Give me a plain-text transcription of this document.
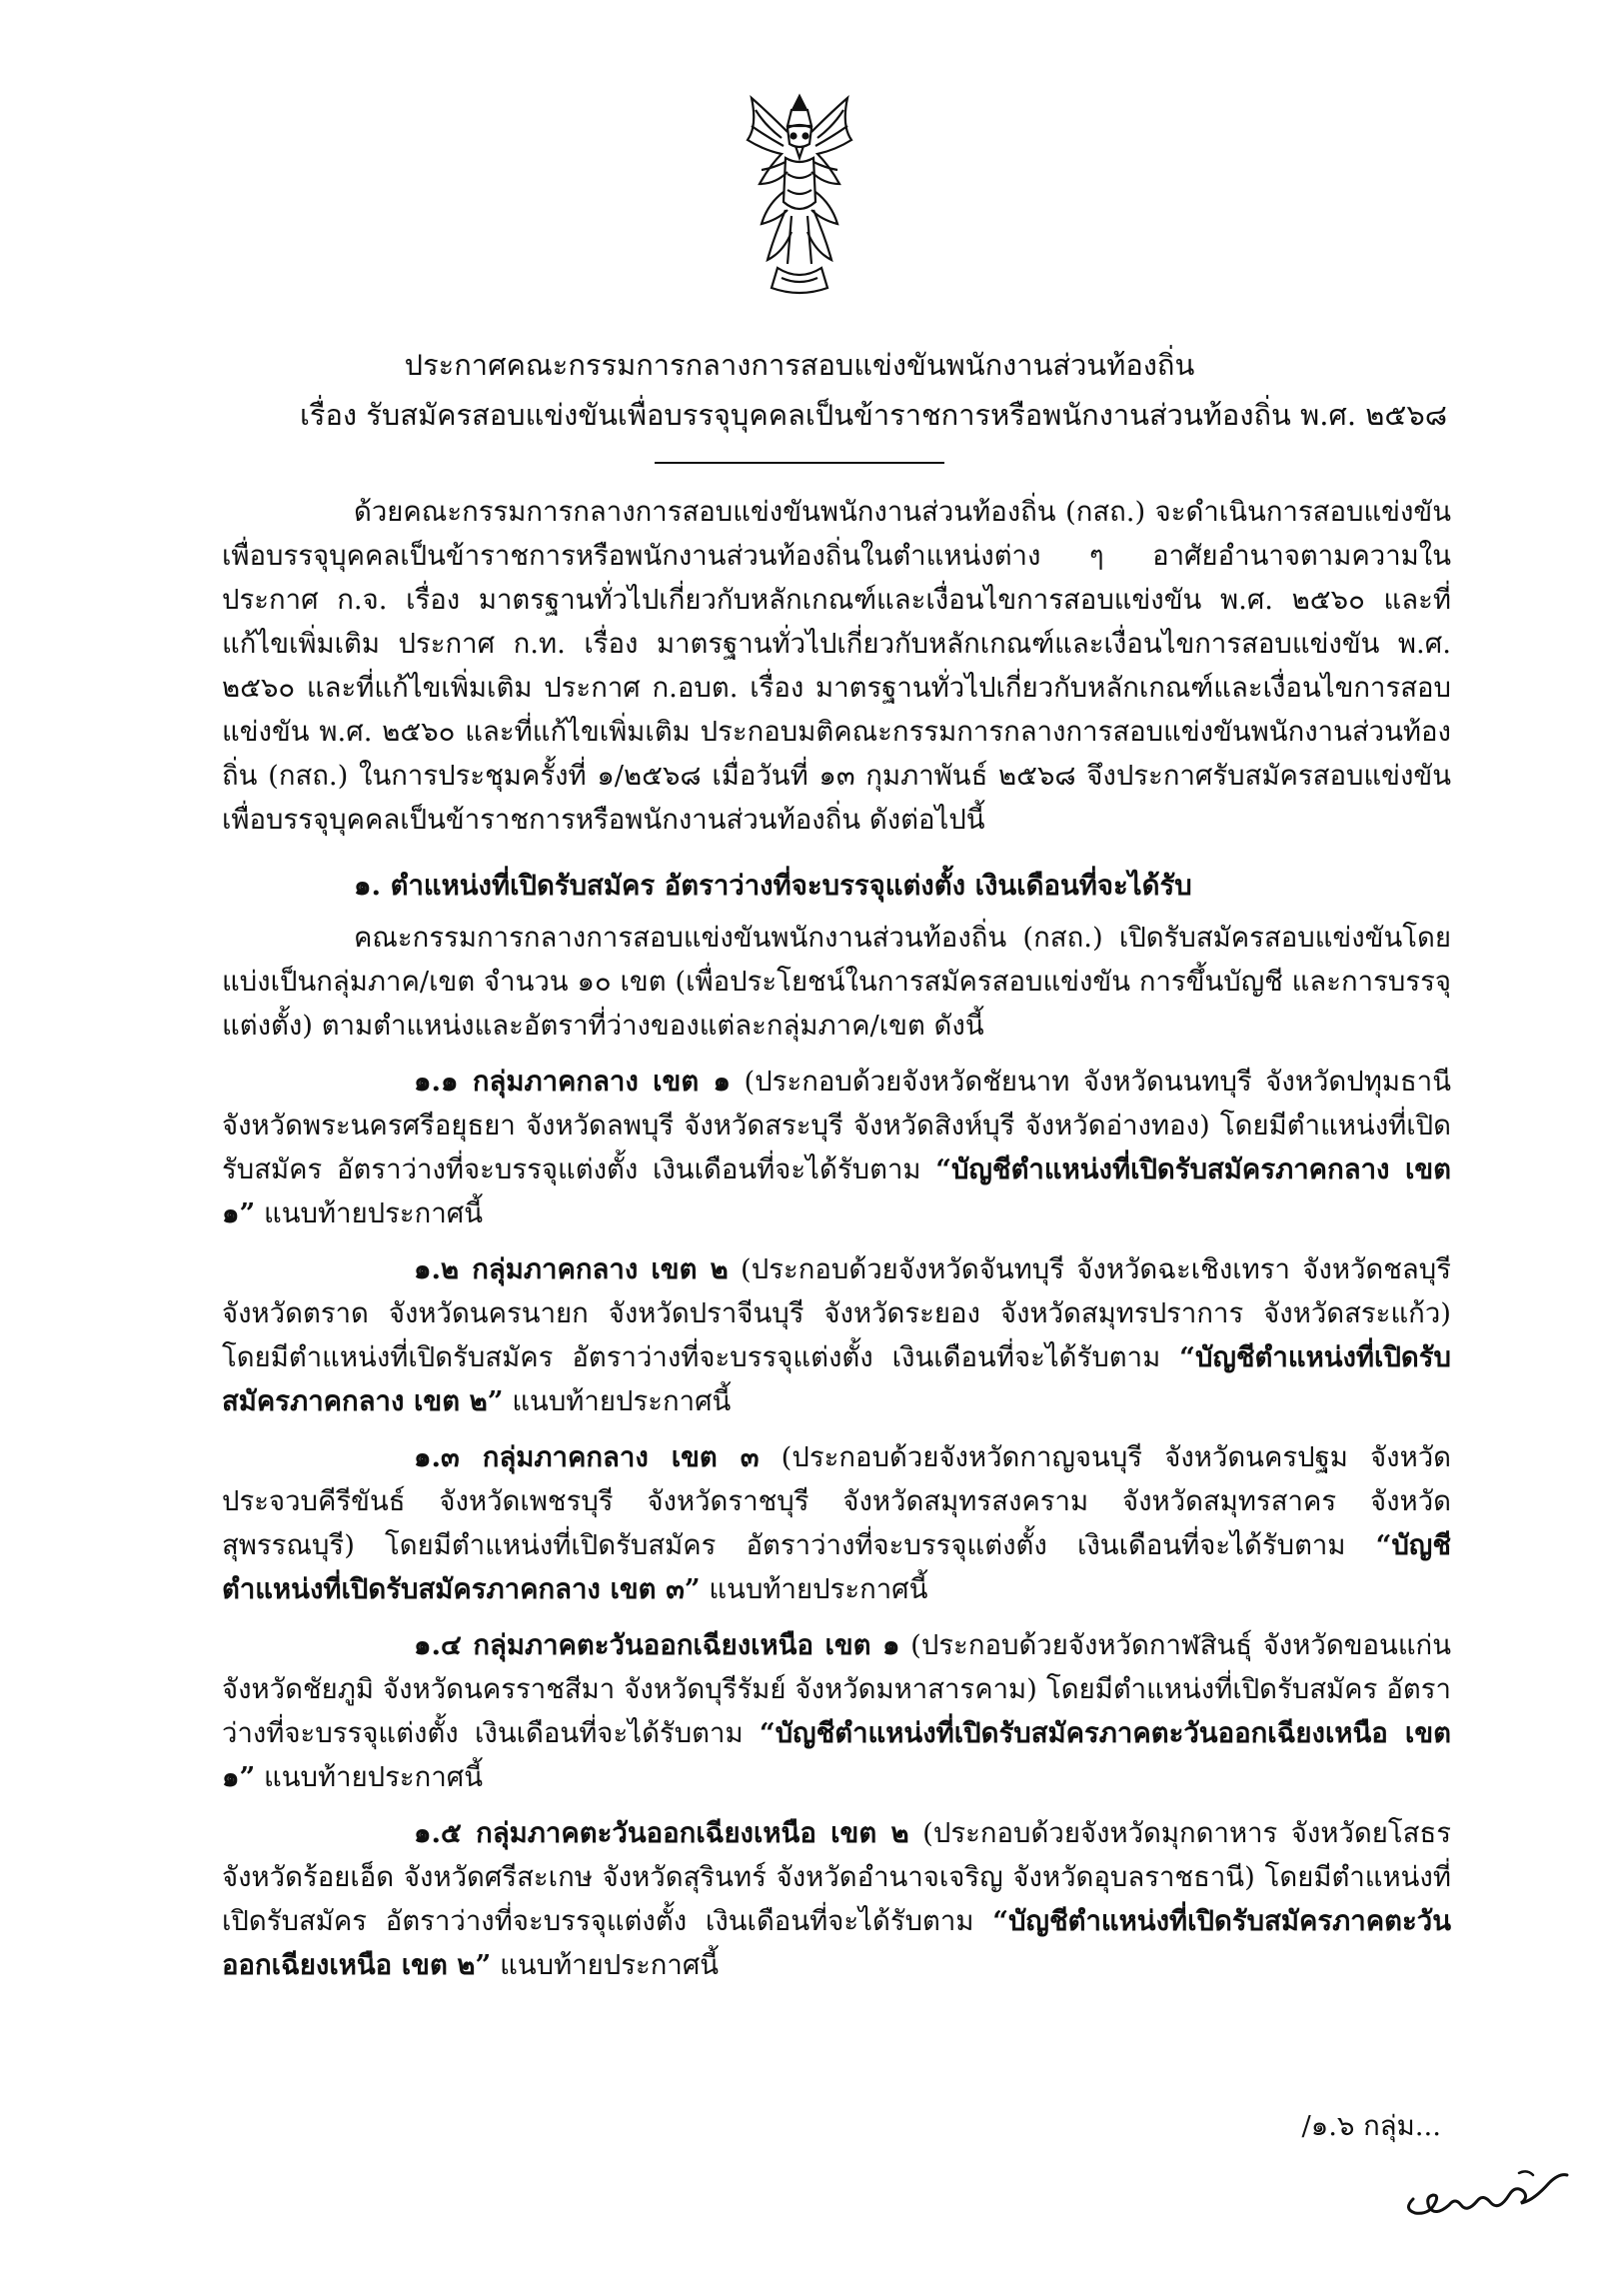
ประกาศคณะกรรมการกลางการสอบแข่งขันพนักงานส่วนท้องถิ่น
เรื่อง รับสมัครสอบแข่งขันเพื่อบรรจุบุคคลเป็นข้าราชการหรือพนักงานส่วนท้องถิ่น พ.ศ. ๒๕๖๘

ด้วยคณะกรรมการกลางการสอบแข่งขันพนักงานส่วนท้องถิ่น (กสถ.) จะดำเนินการสอบแข่งขันเพื่อบรรจุบุคคลเป็นข้าราชการหรือพนักงานส่วนท้องถิ่นในตำแหน่งต่าง ๆ อาศัยอำนาจตามความในประกาศ ก.จ. เรื่อง มาตรฐานทั่วไปเกี่ยวกับหลักเกณฑ์และเงื่อนไขการสอบแข่งขัน พ.ศ. ๒๕๖๐ และที่แก้ไขเพิ่มเติม ประกาศ ก.ท. เรื่อง มาตรฐานทั่วไปเกี่ยวกับหลักเกณฑ์และเงื่อนไขการสอบแข่งขัน พ.ศ. ๒๕๖๐ และที่แก้ไขเพิ่มเติม ประกาศ ก.อบต. เรื่อง มาตรฐานทั่วไปเกี่ยวกับหลักเกณฑ์และเงื่อนไขการสอบแข่งขัน พ.ศ. ๒๕๖๐ และที่แก้ไขเพิ่มเติม ประกอบมติคณะกรรมการกลางการสอบแข่งขันพนักงานส่วนท้องถิ่น (กสถ.) ในการประชุมครั้งที่ ๑/๒๕๖๘ เมื่อวันที่ ๑๓ กุมภาพันธ์ ๒๕๖๘ จึงประกาศรับสมัครสอบแข่งขันเพื่อบรรจุบุคคลเป็นข้าราชการหรือพนักงานส่วนท้องถิ่น ดังต่อไปนี้

๑. ตำแหน่งที่เปิดรับสมัคร อัตราว่างที่จะบรรจุแต่งตั้ง เงินเดือนที่จะได้รับ

คณะกรรมการกลางการสอบแข่งขันพนักงานส่วนท้องถิ่น (กสถ.) เปิดรับสมัครสอบแข่งขันโดยแบ่งเป็นกลุ่มภาค/เขต จำนวน ๑๐ เขต (เพื่อประโยชน์ในการสมัครสอบแข่งขัน การขึ้นบัญชี และการบรรจุแต่งตั้ง) ตามตำแหน่งและอัตราที่ว่างของแต่ละกลุ่มภาค/เขต ดังนี้

๑.๑ กลุ่มภาคกลาง เขต ๑ (ประกอบด้วยจังหวัดชัยนาท จังหวัดนนทบุรี จังหวัดปทุมธานี จังหวัดพระนครศรีอยุธยา จังหวัดลพบุรี จังหวัดสระบุรี จังหวัดสิงห์บุรี จังหวัดอ่างทอง) โดยมีตำแหน่งที่เปิดรับสมัคร อัตราว่างที่จะบรรจุแต่งตั้ง เงินเดือนที่จะได้รับตาม “บัญชีตำแหน่งที่เปิดรับสมัครภาคกลาง เขต ๑” แนบท้ายประกาศนี้

๑.๒ กลุ่มภาคกลาง เขต ๒ (ประกอบด้วยจังหวัดจันทบุรี จังหวัดฉะเชิงเทรา จังหวัดชลบุรี จังหวัดตราด จังหวัดนครนายก จังหวัดปราจีนบุรี จังหวัดระยอง จังหวัดสมุทรปราการ จังหวัดสระแก้ว) โดยมีตำแหน่งที่เปิดรับสมัคร อัตราว่างที่จะบรรจุแต่งตั้ง เงินเดือนที่จะได้รับตาม “บัญชีตำแหน่งที่เปิดรับสมัครภาคกลาง เขต ๒” แนบท้ายประกาศนี้

๑.๓ กลุ่มภาคกลาง เขต ๓ (ประกอบด้วยจังหวัดกาญจนบุรี จังหวัดนครปฐม จังหวัดประจวบคีรีขันธ์ จังหวัดเพชรบุรี จังหวัดราชบุรี จังหวัดสมุทรสงคราม จังหวัดสมุทรสาคร จังหวัดสุพรรณบุรี) โดยมีตำแหน่งที่เปิดรับสมัคร อัตราว่างที่จะบรรจุแต่งตั้ง เงินเดือนที่จะได้รับตาม “บัญชีตำแหน่งที่เปิดรับสมัครภาคกลาง เขต ๓” แนบท้ายประกาศนี้

๑.๔ กลุ่มภาคตะวันออกเฉียงเหนือ เขต ๑ (ประกอบด้วยจังหวัดกาฬสินธุ์ จังหวัดขอนแก่น จังหวัดชัยภูมิ จังหวัดนครราชสีมา จังหวัดบุรีรัมย์ จังหวัดมหาสารคาม) โดยมีตำแหน่งที่เปิดรับสมัคร อัตราว่างที่จะบรรจุแต่งตั้ง เงินเดือนที่จะได้รับตาม “บัญชีตำแหน่งที่เปิดรับสมัครภาคตะวันออกเฉียงเหนือ เขต ๑” แนบท้ายประกาศนี้

๑.๕ กลุ่มภาคตะวันออกเฉียงเหนือ เขต ๒ (ประกอบด้วยจังหวัดมุกดาหาร จังหวัดยโสธร จังหวัดร้อยเอ็ด จังหวัดศรีสะเกษ จังหวัดสุรินทร์ จังหวัดอำนาจเจริญ จังหวัดอุบลราชธานี) โดยมีตำแหน่งที่เปิดรับสมัคร อัตราว่างที่จะบรรจุแต่งตั้ง เงินเดือนที่จะได้รับตาม “บัญชีตำแหน่งที่เปิดรับสมัครภาคตะวันออกเฉียงเหนือ เขต ๒” แนบท้ายประกาศนี้

/๑.๖ กลุ่ม...
